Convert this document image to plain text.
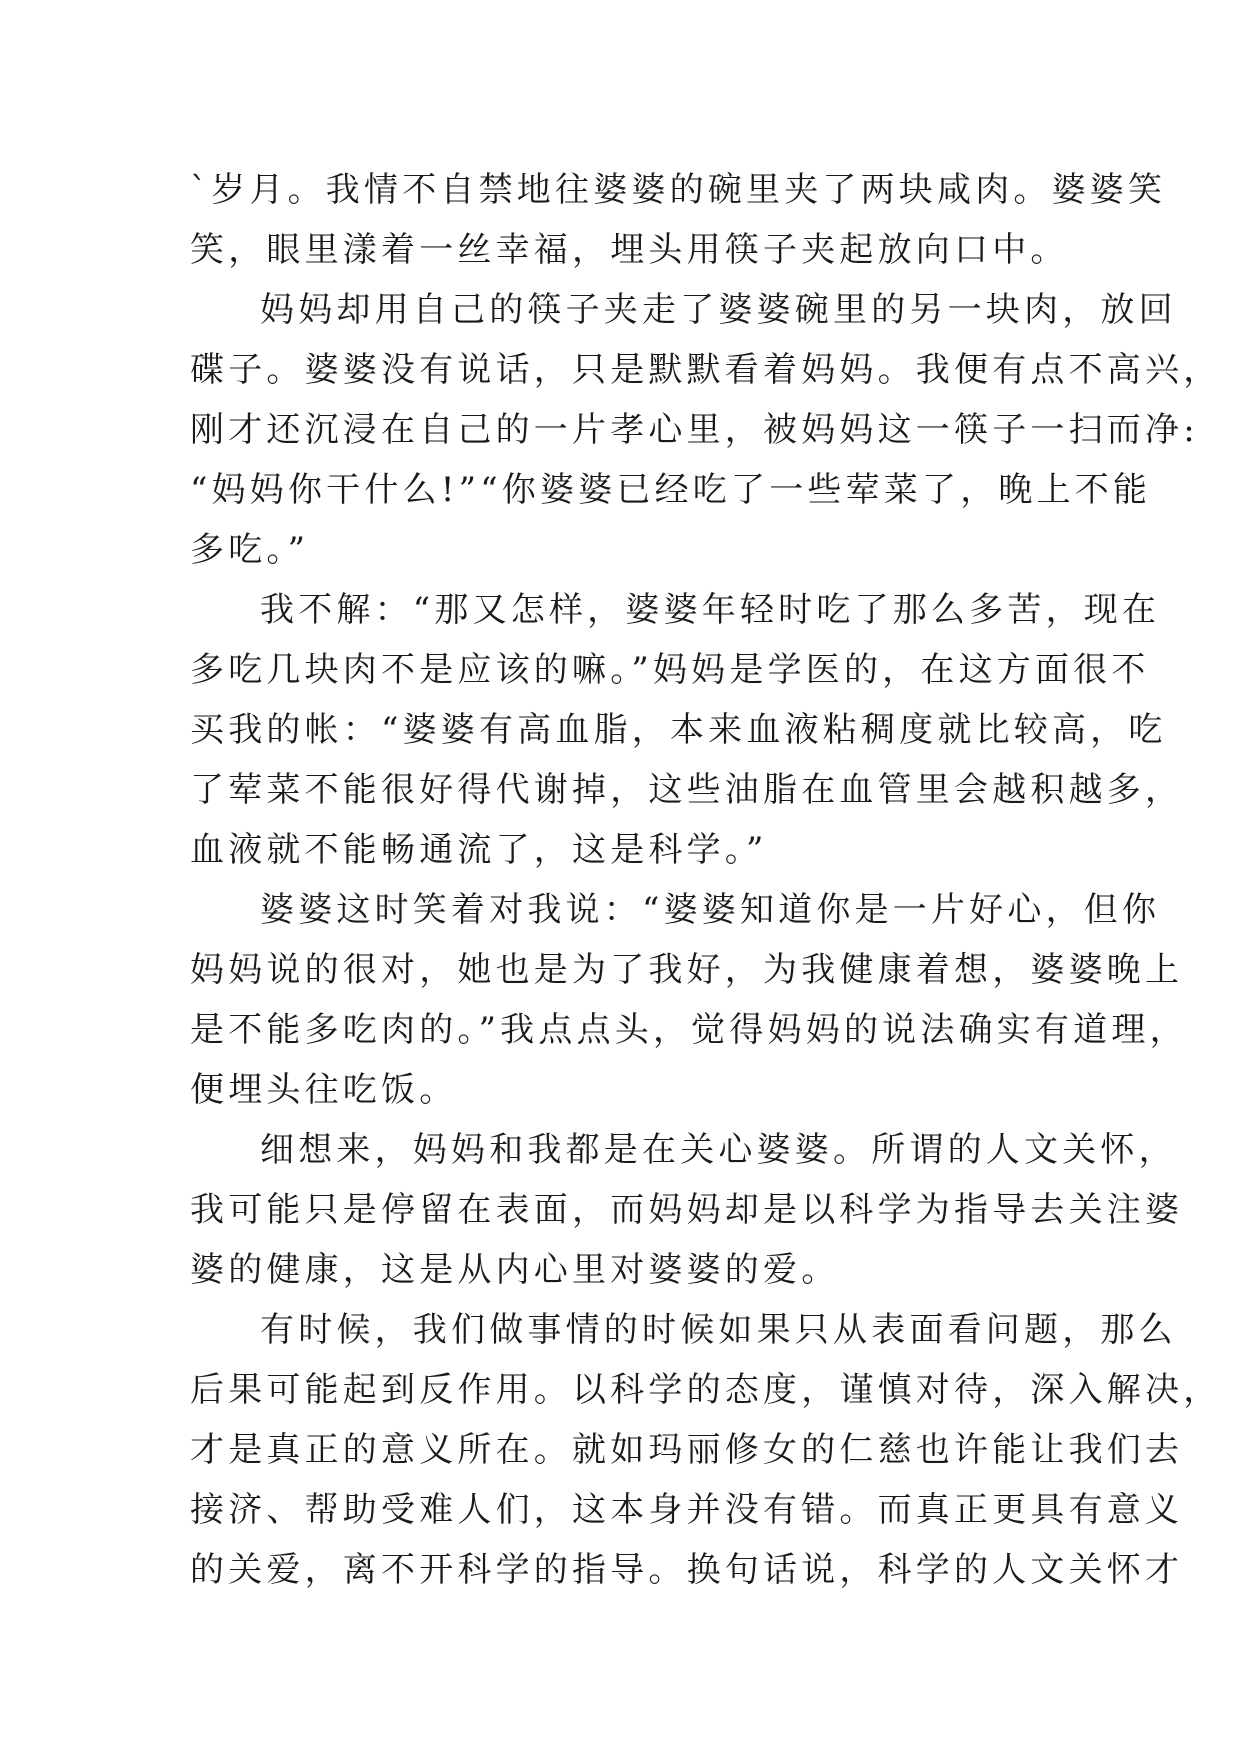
`岁月。我情不自禁地往婆婆的碗里夹了两块咸肉。婆婆笑
笑，眼里漾着一丝幸福，埋头用筷子夹起放向口中。
妈妈却用自己的筷子夹走了婆婆碗里的另一块肉，放回
碟子。婆婆没有说话，只是默默看着妈妈。我便有点不高兴，
刚才还沉浸在自己的一片孝心里，被妈妈这一筷子一扫而净:
“妈妈你干什么!”“你婆婆已经吃了一些荤菜了，晚上不能
多吃。”
我不解：“那又怎样，婆婆年轻时吃了那么多苦，现在
多吃几块肉不是应该的嘛。”妈妈是学医的，在这方面很不
买我的帐：“婆婆有高血脂，本来血液粘稠度就比较高，吃
了荤菜不能很好得代谢掉，这些油脂在血管里会越积越多，
血液就不能畅通流了，这是科学。”
婆婆这时笑着对我说：“婆婆知道你是一片好心，但你
妈妈说的很对，她也是为了我好，为我健康着想，婆婆晚上
是不能多吃肉的。”我点点头，觉得妈妈的说法确实有道理，
便埋头往吃饭。
细想来，妈妈和我都是在关心婆婆。所谓的人文关怀，
我可能只是停留在表面，而妈妈却是以科学为指导去关注婆
婆的健康，这是从内心里对婆婆的爱。
有时候，我们做事情的时候如果只从表面看问题，那么
后果可能起到反作用。以科学的态度，谨慎对待，深入解决，
才是真正的意义所在。就如玛丽修女的仁慈也许能让我们去
接济、帮助受难人们，这本身并没有错。而真正更具有意义
的关爱，离不开科学的指导。换句话说，科学的人文关怀才
